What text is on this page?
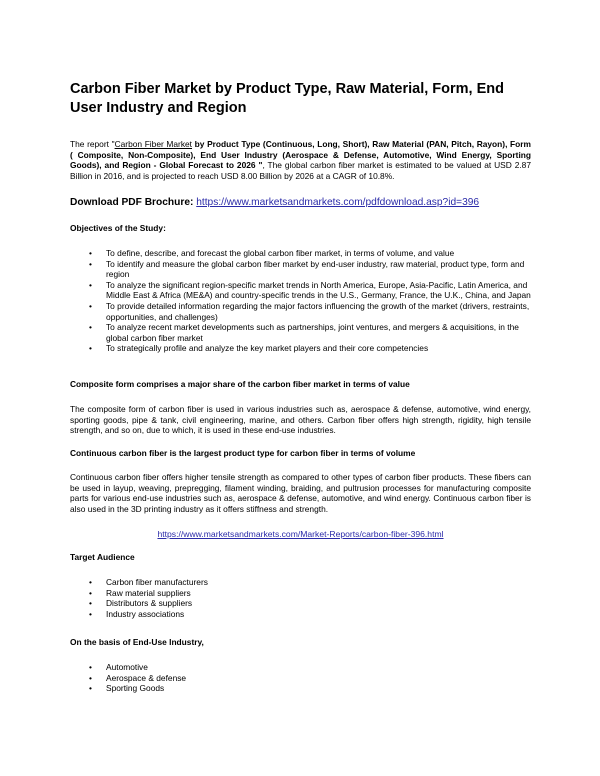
Carbon Fiber Market by Product Type, Raw Material, Form, End User Industry and Region

The report "Carbon Fiber Market by Product Type (Continuous, Long, Short), Raw Material (PAN, Pitch, Rayon), Form ( Composite, Non-Composite), End User Industry (Aerospace & Defense, Automotive, Wind Energy, Sporting Goods), and Region - Global Forecast to 2026 ", The global carbon fiber market is estimated to be valued at USD 2.87 Billion in 2016, and is projected to reach USD 8.00 Billion by 2026 at a CAGR of 10.8%.

Download PDF Brochure: https://www.marketsandmarkets.com/pdfdownload.asp?id=396

Objectives of the Study:

• To define, describe, and forecast the global carbon fiber market, in terms of volume, and value
• To identify and measure the global carbon fiber market by end-user industry, raw material, product type, form and region
• To analyze the significant region-specific market trends in North America, Europe, Asia-Pacific, Latin America, and Middle East & Africa (ME&A) and country-specific trends in the U.S., Germany, France, the U.K., China, and Japan
• To provide detailed information regarding the major factors influencing the growth of the market (drivers, restraints, opportunities, and challenges)
• To analyze recent market developments such as partnerships, joint ventures, and mergers & acquisitions, in the global carbon fiber market
• To strategically profile and analyze the key market players and their core competencies

Composite form comprises a major share of the carbon fiber market in terms of value

The composite form of carbon fiber is used in various industries such as, aerospace & defense, automotive, wind energy, sporting goods, pipe & tank, civil engineering, marine, and others. Carbon fiber offers high strength, rigidity, high tensile strength, and so on, due to which, it is used in these end-use industries.

Continuous carbon fiber is the largest product type for carbon fiber in terms of volume

Continuous carbon fiber offers higher tensile strength as compared to other types of carbon fiber products. These fibers can be used in layup, weaving, prepregging, filament winding, braiding, and pultrusion processes for manufacturing composite parts for various end-use industries such as, aerospace & defense, automotive, and wind energy. Continuous carbon fiber is also used in the 3D printing industry as it offers stiffness and strength.

https://www.marketsandmarkets.com/Market-Reports/carbon-fiber-396.html

Target Audience

• Carbon fiber manufacturers
• Raw material suppliers
• Distributors & suppliers
• Industry associations

On the basis of End-Use Industry,

• Automotive
• Aerospace & defense
• Sporting Goods
